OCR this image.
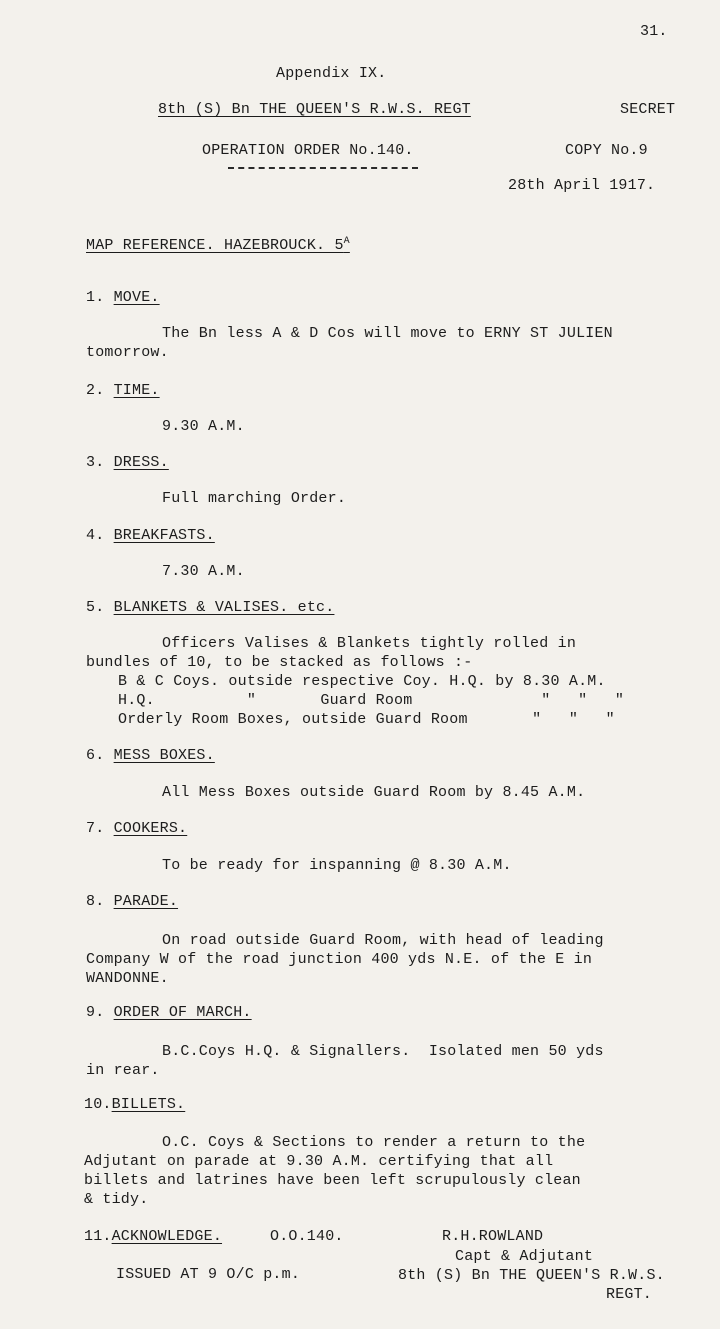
31.
Appendix IX.
8th (S) Bn THE QUEEN'S R.W.S. REGT	SECRET
OPERATION ORDER No.140.	COPY No.9
28th April 1917.
MAP REFERENCE. HAZEBROUCK. $5^A$
1. MOVE.
The Bn less A & D Cos will move to ERNY ST JULIEN
tomorrow.
2. TIME.
9.30 A.M.
3. DRESS.
Full marching Order.
4. BREAKFASTS.
7.30 A.M.
5. BLANKETS & VALISES. etc.
Officers Valises & Blankets tightly rolled in
bundles of 10, to be stacked as follows :-
B & C Coys. outside respective Coy. H.Q. by 8.30 A.M.
H.Q.          "       Guard Room              "   "   "
Orderly Room Boxes, outside Guard Room       "   "   "
6. MESS BOXES.
All Mess Boxes outside Guard Room by 8.45 A.M.
7. COOKERS.
To be ready for inspanning @ 8.30 A.M.
8. PARADE.
On road outside Guard Room, with head of leading
Company W of the road junction 400 yds N.E. of the E in
WANDONNE.
9. ORDER OF MARCH.
B.C.Coys H.Q. & Signallers.  Isolated men 50 yds
in rear.
10.BILLETS.
O.C. Coys & Sections to render a return to the
Adjutant on parade at 9.30 A.M. certifying that all
billets and latrines have been left scrupulously clean
& tidy.
11.ACKNOWLEDGE.	O.O.140.	R.H.ROWLAND
Capt & Adjutant
ISSUED AT 9 O/C p.m.	8th (S) Bn THE QUEEN'S R.W.S.
REGT.
